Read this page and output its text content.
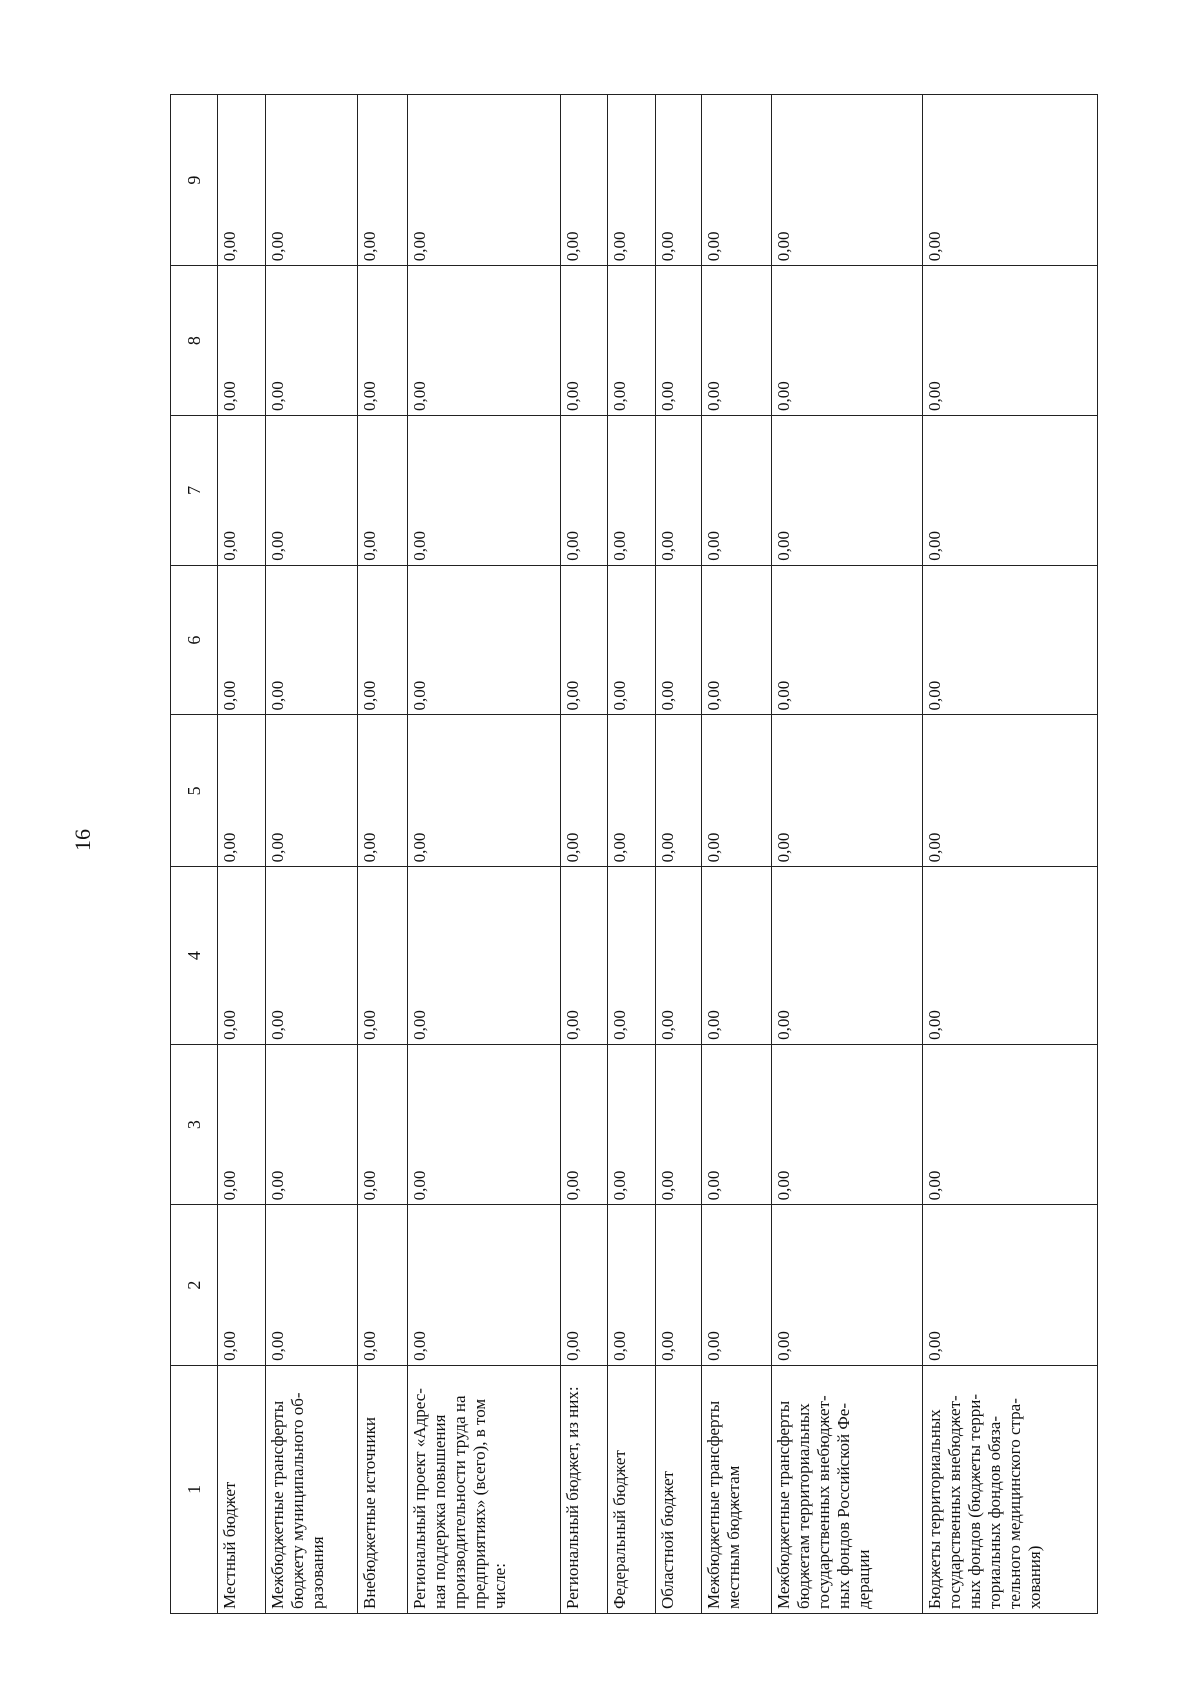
16
1	2	3	4	5	6	7	8	9
Местный бюджет	0,00	0,00	0,00	0,00	0,00	0,00	0,00	0,00
Межбюджетные трансферты бюджету муниципального об-разования	0,00	0,00	0,00	0,00	0,00	0,00	0,00	0,00
Внебюджетные источники	0,00	0,00	0,00	0,00	0,00	0,00	0,00	0,00
Региональный проект «Адрес-ная поддержка повышения производительности труда на предприятиях» (всего), в том числе:	0,00	0,00	0,00	0,00	0,00	0,00	0,00	0,00
Региональный бюджет, из них:	0,00	0,00	0,00	0,00	0,00	0,00	0,00	0,00
Федеральный бюджет	0,00	0,00	0,00	0,00	0,00	0,00	0,00	0,00
Областной бюджет	0,00	0,00	0,00	0,00	0,00	0,00	0,00	0,00
Межбюджетные трансферты местным бюджетам	0,00	0,00	0,00	0,00	0,00	0,00	0,00	0,00
Межбюджетные трансферты бюджетам территориальных государственных внебюджет-ных фондов Российской Фе-дерации	0,00	0,00	0,00	0,00	0,00	0,00	0,00	0,00
Бюджеты территориальных государственных внебюджет-ных фондов (бюджеты терри-ториальных фондов обяза-тельного медицинского стра-хования)	0,00	0,00	0,00	0,00	0,00	0,00	0,00	0,00
